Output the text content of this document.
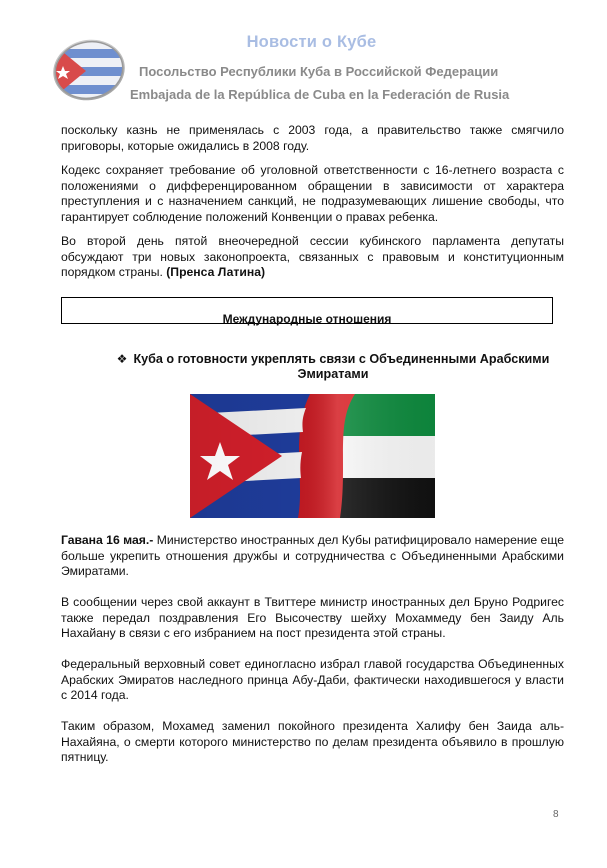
Новости о Кубе
Посольство Республики Куба в Российской Федерации
Embajada de la República de Cuba en la Federación de Rusia

поскольку казнь не применялась с 2003 года, а правительство также смягчило приговоры, которые ожидались в 2008 году.

Кодекс сохраняет требование об уголовной ответственности с 16-летнего возраста с положениями о дифференцированном обращении в зависимости от характера преступления и с назначением санкций, не подразумевающих лишение свободы, что гарантирует соблюдение положений Конвенции о правах ребенка.

Во второй день пятой внеочередной сессии кубинского парламента депутаты обсуждают три новых законопроекта, связанных с правовым и конституционным порядком страны. (Пренса Латина)

Международные отношения
❖ Куба о готовности укреплять связи с Объединенными Арабскими Эмиратами

Гавана 16 мая.- Министерство иностранных дел Кубы ратифицировало намерение еще больше укрепить отношения дружбы и сотрудничества с Объединенными Арабскими Эмиратами.

В сообщении через свой аккаунт в Твиттере министр иностранных дел Бруно Родригес также передал поздравления Его Высочеству шейху Мохаммеду бен Заиду Аль Нахайану в связи с его избранием на пост президента этой страны.

Федеральный верховный совет единогласно избрал главой государства Объединенных Арабских Эмиратов наследного принца Абу-Даби, фактически находившегося у власти с 2014 года.

Таким образом, Мохамед заменил покойного президента Халифу бен Заида аль-Нахайяна, о смерти которого министерство по делам президента объявило в прошлую пятницу.

8
